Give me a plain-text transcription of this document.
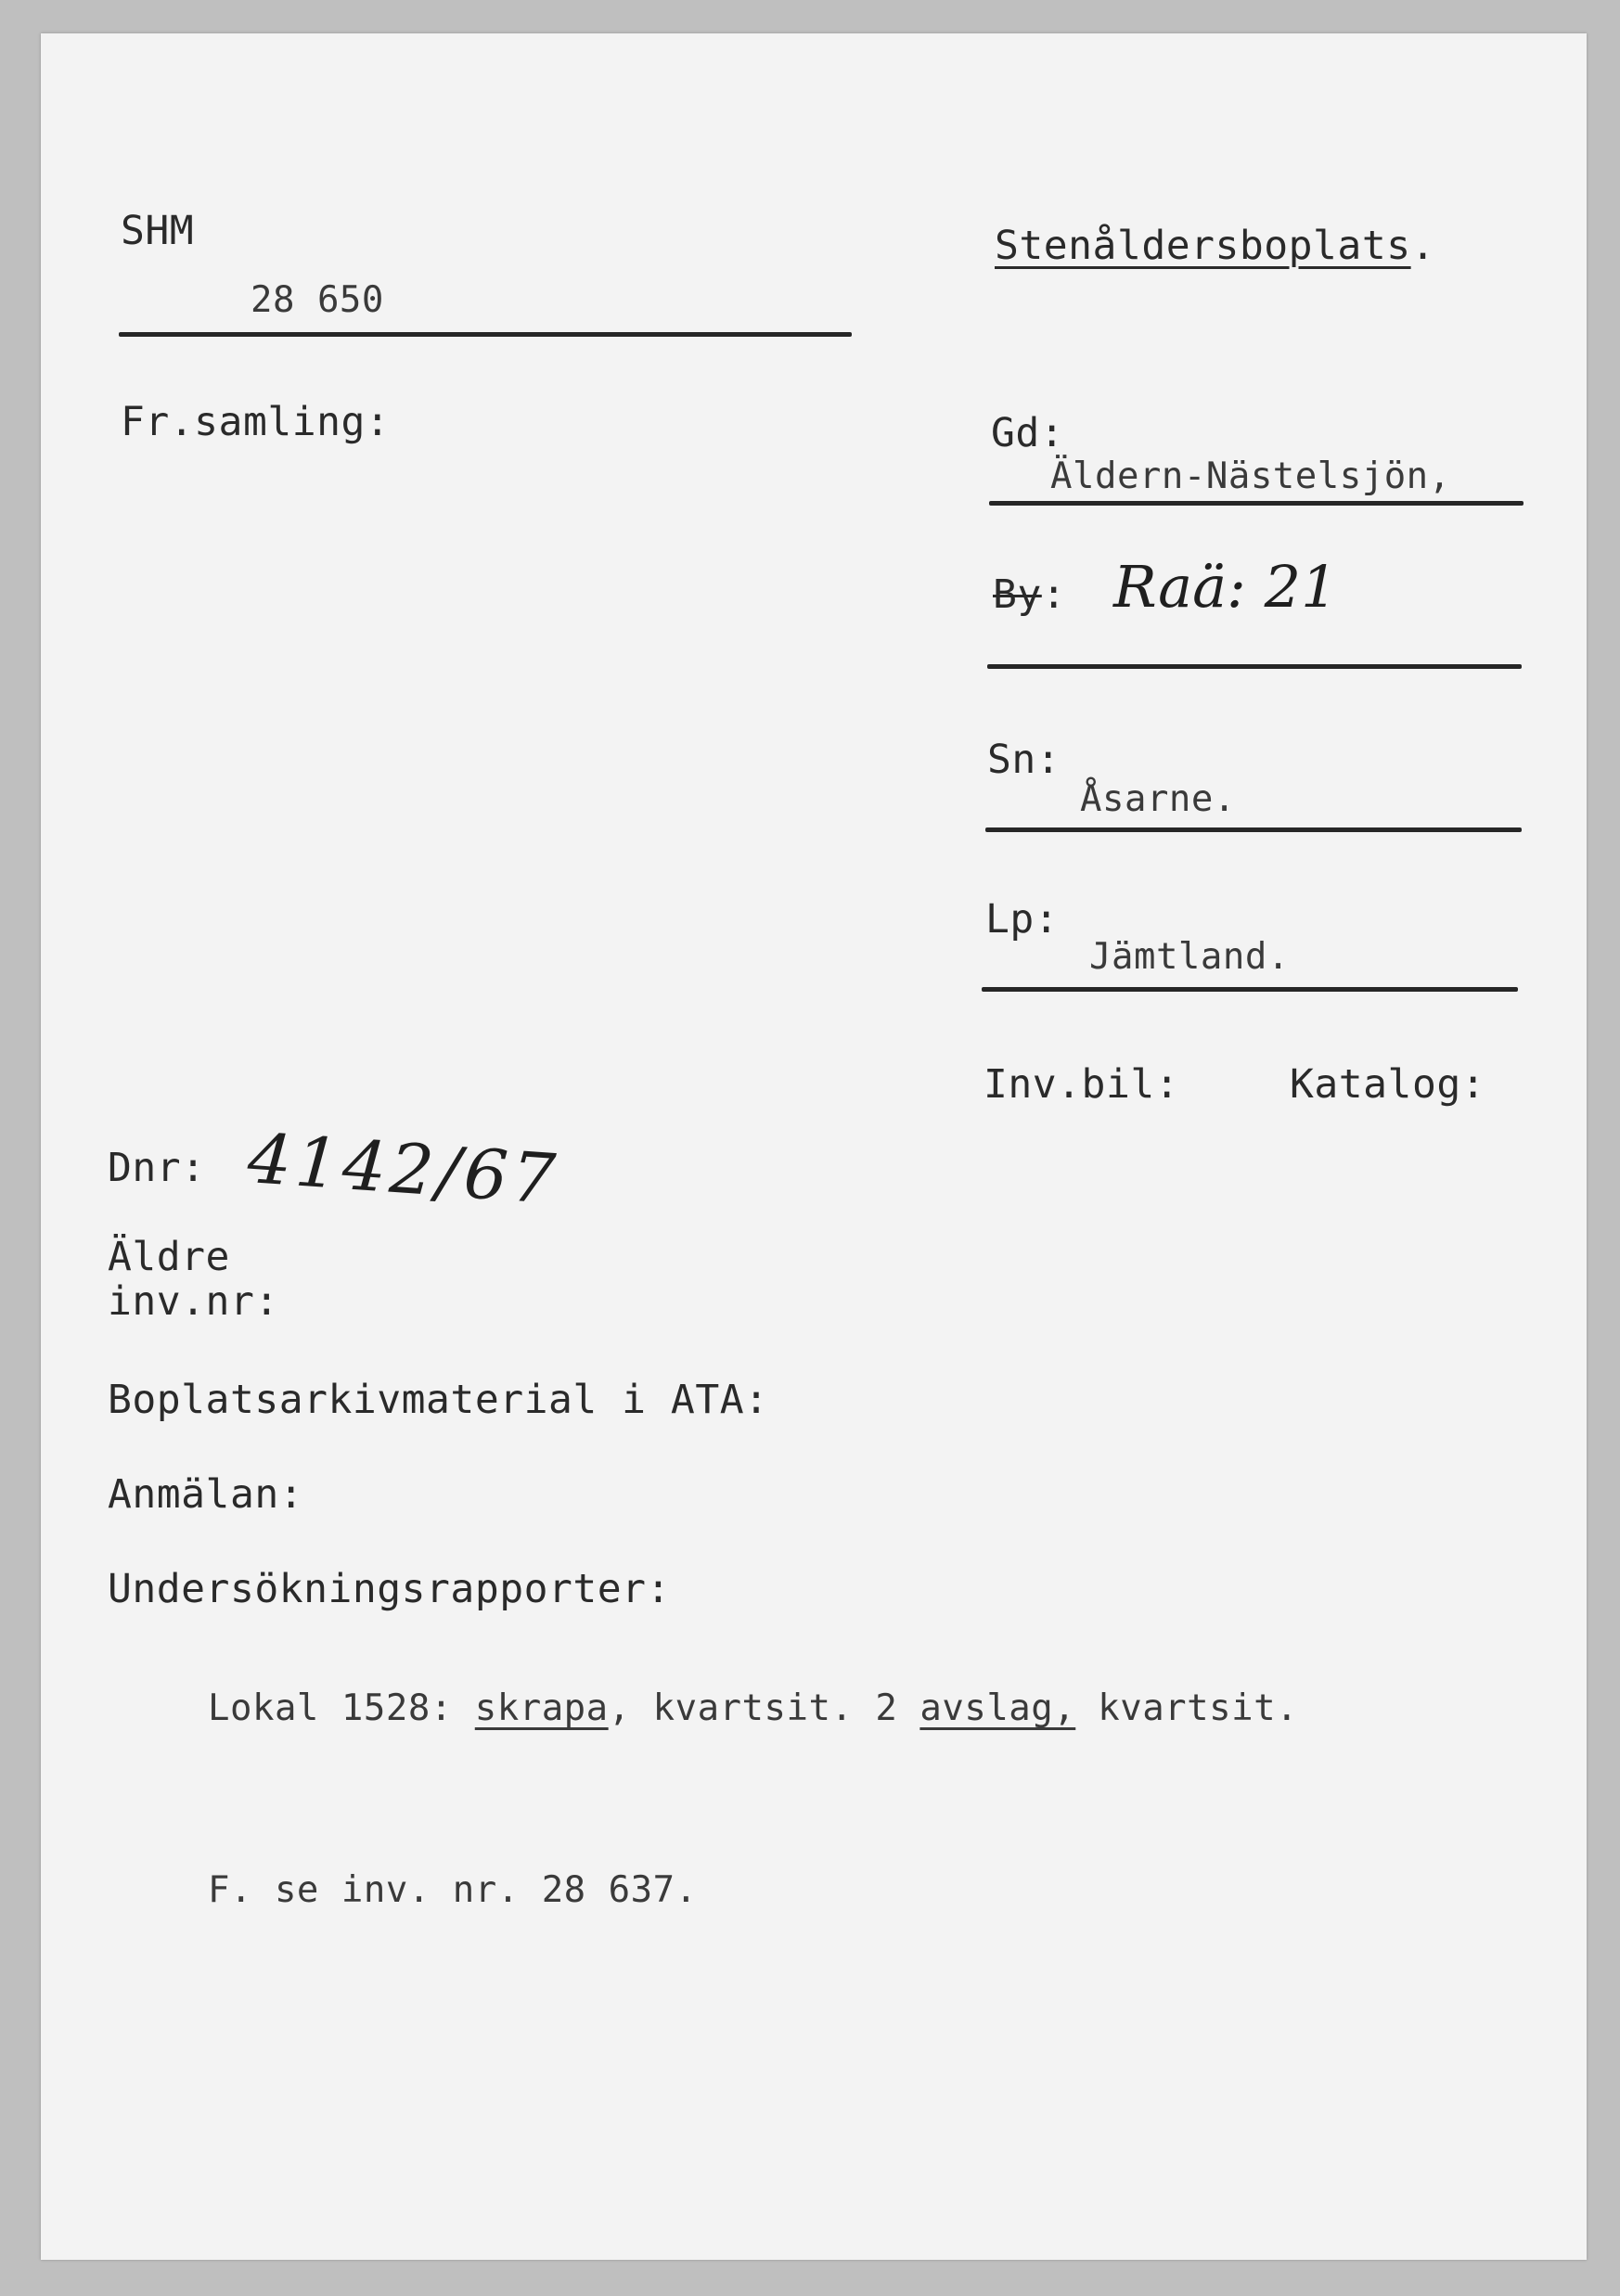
SHM
28 650
Stenåldersboplats.
Fr.samling:	Gd:
Äldern-Nästelsjön,
By: Raä: 21
Sn:
Åsarne.
Lp:
Jämtland.
Inv.bil:	Katalog:
Dnr: 4142/67
Äldre
inv.nr:
Boplatsarkivmaterial i ATA:
Anmälan:
Undersökningsrapporter:
Lokal 1528: skrapa, kvartsit. 2 avslag, kvartsit.
F. se inv. nr. 28 637.
